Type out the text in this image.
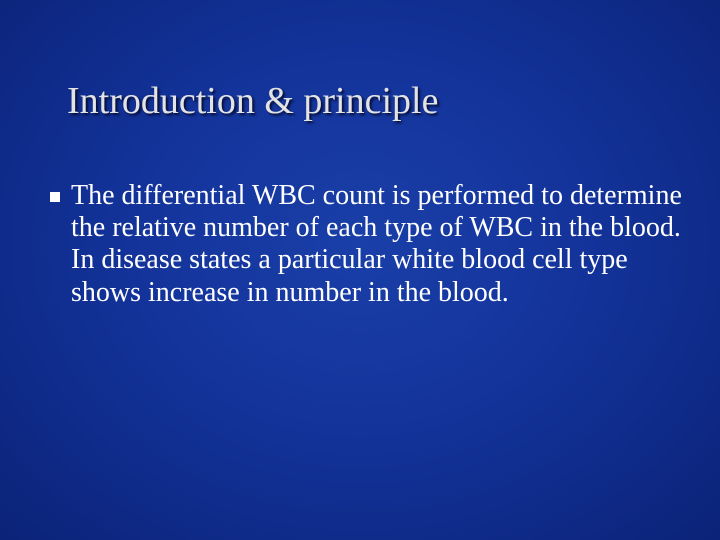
Introduction & principle

The differential WBC count is performed to determine the relative number of each type of WBC in the blood. In disease states a particular white blood cell type shows increase in number in the blood.
